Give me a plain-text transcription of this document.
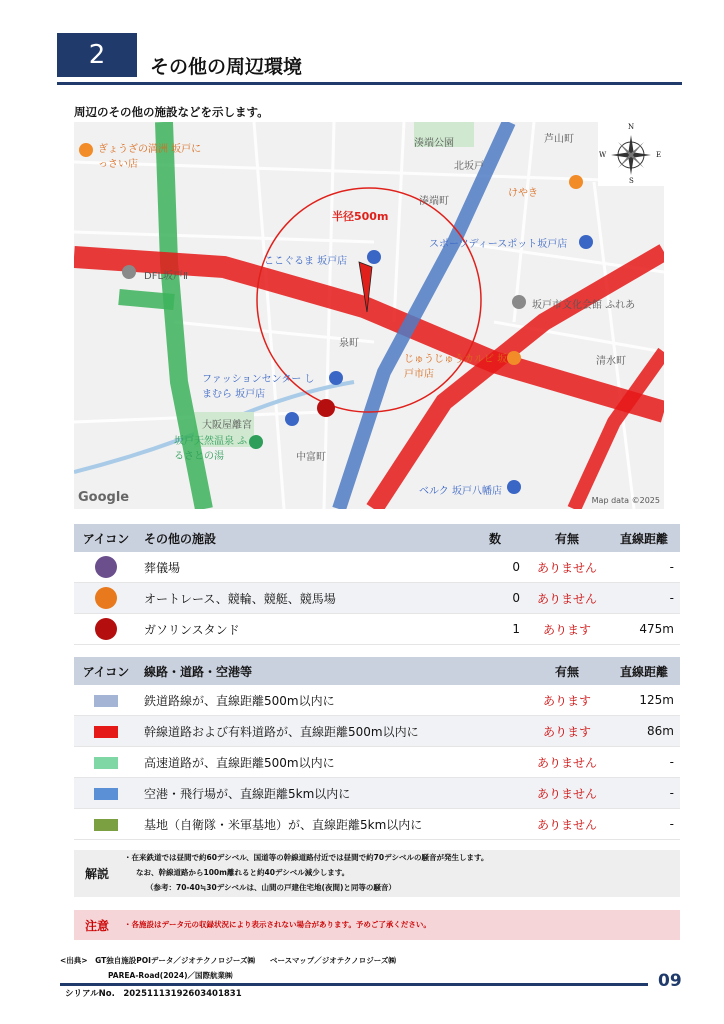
2	その他の周辺環境
周辺のその他の施設などを示します。
湊端公園
北坂戸
湊端町
芦山町
ぎょうざの満洲 坂戸にっさい店
けやき
半径500m
スポーツディースポット坂戸店
ここぐるま 坂戸店
DFL坂戸Ⅱ
坂戸市文化会館 ふれあ
泉町
じゅうじゅうカルビ 坂戸市店
清水町
ファッションセンター しまむら 坂戸店
大阪屋離宮
坂戸天然温泉 ふるさとの湯	中富町
ベルク 坂戸八幡店
Google	Map data ©2025
N
S
E
W
アイコン	その他の施設	数	有無	直線距離
	葬儀場	0	ありません	-
	オートレース、競輪、競艇、競馬場	0	ありません	-
	ガソリンスタンド	1	あります	475m
アイコン	線路・道路・空港等	有無	直線距離
	鉄道路線が、直線距離500m以内に	あります	125m
	幹線道路および有料道路が、直線距離500m以内に	あります	86m
	高速道路が、直線距離500m以内に	ありません	-
	空港・飛行場が、直線距離5km以内に	ありません	-
	基地（自衛隊・米軍基地）が、直線距離5km以内に	ありません	-
解説
・在来鉄道では昼間で約60デシベル、国道等の幹線道路付近では昼間で約70デシベルの騒音が発生します。
なお、幹線道路から100m離れると約40デシベル減少します。
（参考：70-40≒30デシベルは、山間の戸建住宅地(夜間)と同等の騒音）
注意	・各施設はデータ元の収録状況により表示されない場合があります。予めご了承ください。
<出典>　GT独自施設POIデータ／ジオテクノロジーズ㈱　　ベースマップ／ジオテクノロジーズ㈱
PAREA-Road(2024)／国際航業㈱
シリアルNo.　20251113192603401831
09
